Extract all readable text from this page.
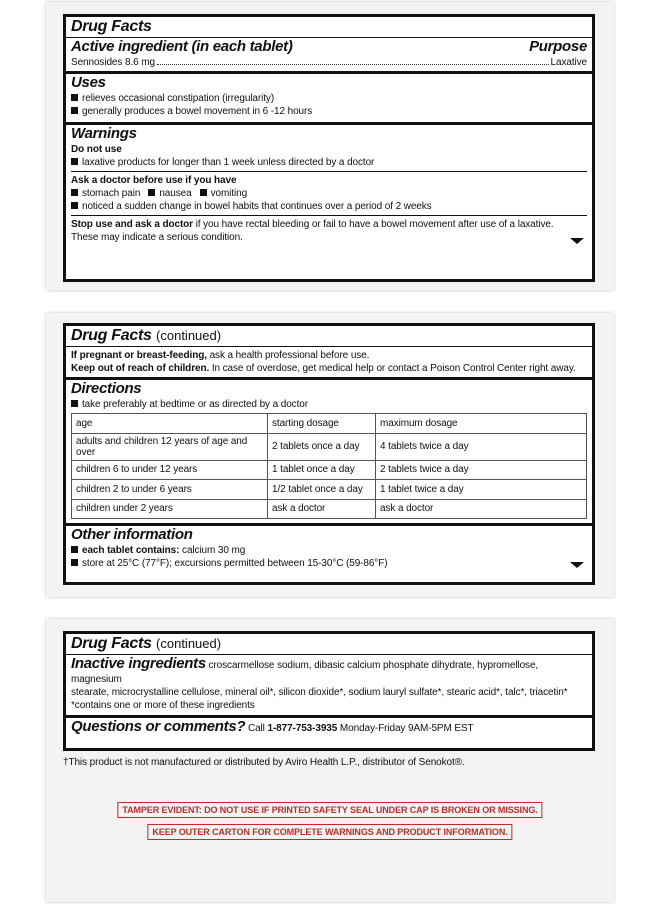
Drug Facts
Active ingredient (in each tablet)	Purpose
Sennosides 8.6 mg	Laxative
Uses
relieves occasional constipation (irregularity)
generally produces a bowel movement in 6 -12 hours
Warnings
Do not use
laxative products for longer than 1 week unless directed by a doctor
Ask a doctor before use if you have
stomach pain nausea vomiting
noticed a sudden change in bowel habits that continues over a period of 2 weeks
Stop use and ask a doctor if you have rectal bleeding or fail to have a bowel movement after use of a laxative. These may indicate a serious condition.
Drug Facts (continued)
If pregnant or breast-feeding, ask a health professional before use.
Keep out of reach of children. In case of overdose, get medical help or contact a Poison Control Center right away.
Directions
take preferably at bedtime or as directed by a doctor
age	starting dosage	maximum dosage
adults and children 12 years of age and over	2 tablets once a day	4 tablets twice a day
children 6 to under 12 years	1 tablet once a day	2 tablets twice a day
children 2 to under 6 years	1/2 tablet once a day	1 tablet twice a day
children under 2 years	ask a doctor	ask a doctor
Other information
each tablet contains: calcium 30 mg
store at 25°C (77°F); excursions permitted between 15-30°C (59-86°F)
Drug Facts (continued)
Inactive ingredients croscarmellose sodium, dibasic calcium phosphate dihydrate, hypromellose, magnesium
stearate, microcrystalline cellulose, mineral oil*, silicon dioxide*, sodium lauryl sulfate*, stearic acid*, talc*, triacetin*
*contains one or more of these ingredients
Questions or comments? Call 1-877-753-3935 Monday-Friday 9AM-5PM EST
†This product is not manufactured or distributed by Aviro Health L.P., distributor of Senokot®.
TAMPER EVIDENT: DO NOT USE IF PRINTED SAFETY SEAL UNDER CAP IS BROKEN OR MISSING.
KEEP OUTER CARTON FOR COMPLETE WARNINGS AND PRODUCT INFORMATION.
